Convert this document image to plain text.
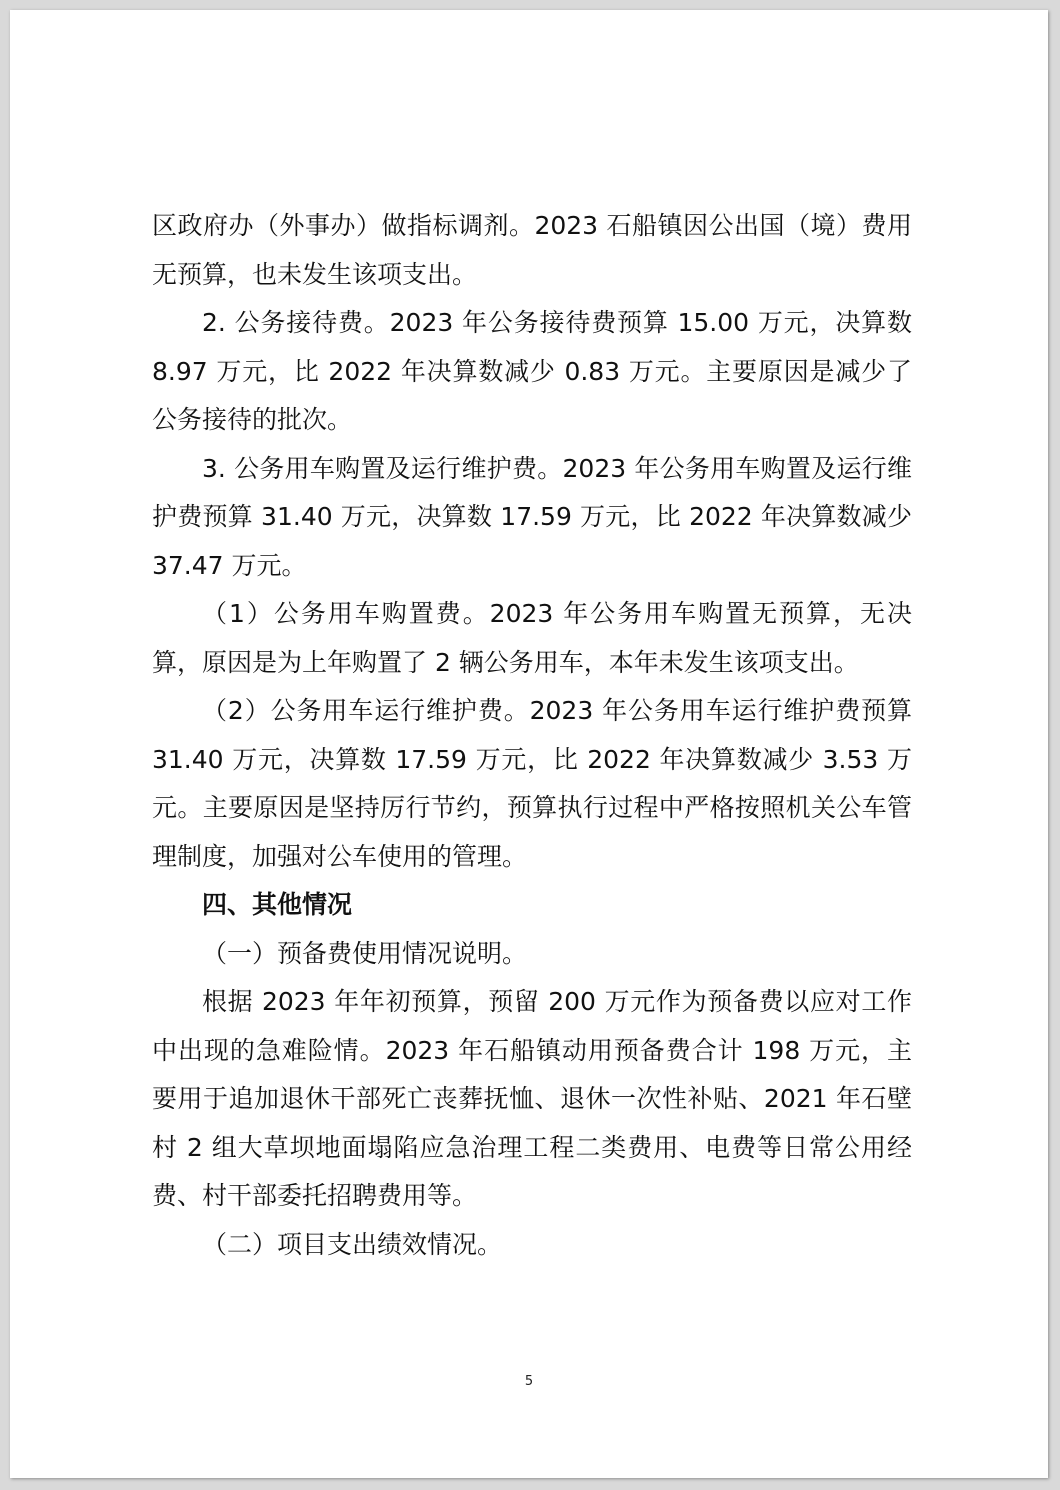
区政府办（外事办）做指标调剂。2023 石船镇因公出国（境）费用无预算，也未发生该项支出。

2. 公务接待费。2023 年公务接待费预算 15.00 万元，决算数 8.97 万元，比 2022 年决算数减少 0.83 万元。主要原因是减少了公务接待的批次。

3. 公务用车购置及运行维护费。2023 年公务用车购置及运行维护费预算 31.40 万元，决算数 17.59 万元，比 2022 年决算数减少 37.47 万元。

（1）公务用车购置费。2023 年公务用车购置无预算，无决算，原因是为上年购置了 2 辆公务用车，本年未发生该项支出。

（2）公务用车运行维护费。2023 年公务用车运行维护费预算 31.40 万元，决算数 17.59 万元，比 2022 年决算数减少 3.53 万元。主要原因是坚持厉行节约，预算执行过程中严格按照机关公车管理制度，加强对公车使用的管理。

四、其他情况

（一）预备费使用情况说明。

根据 2023 年年初预算，预留 200 万元作为预备费以应对工作中出现的急难险情。2023 年石船镇动用预备费合计 198 万元，主要用于追加退休干部死亡丧葬抚恤、退休一次性补贴、2021 年石壁村 2 组大草坝地面塌陷应急治理工程二类费用、电费等日常公用经费、村干部委托招聘费用等。

（二）项目支出绩效情况。

5
